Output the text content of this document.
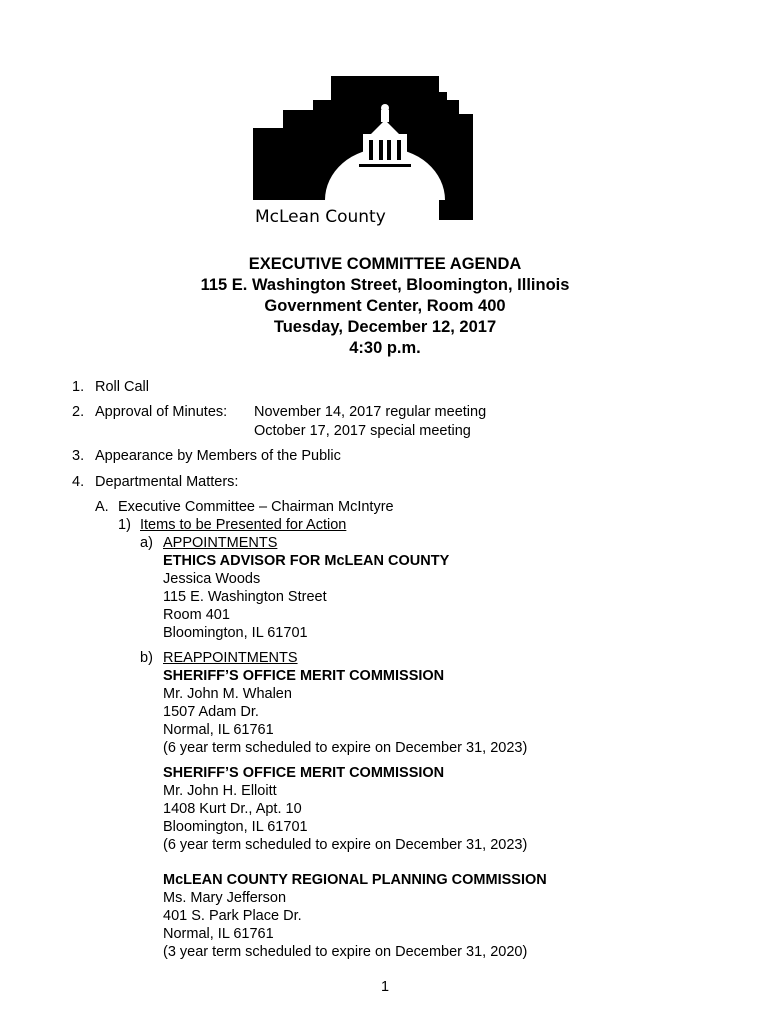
McLean County
EXECUTIVE COMMITTEE AGENDA
115 E. Washington Street, Bloomington, Illinois
Government Center, Room 400
Tuesday, December 12, 2017
4:30 p.m.
1. Roll Call
2. Approval of Minutes: November 14, 2017 regular meeting
October 17, 2017 special meeting
3. Appearance by Members of the Public
4. Departmental Matters:
A. Executive Committee – Chairman McIntyre
1) Items to be Presented for Action
a) APPOINTMENTS
ETHICS ADVISOR FOR McLEAN COUNTY
Jessica Woods
115 E. Washington Street
Room 401
Bloomington, IL 61701
b) REAPPOINTMENTS
SHERIFF’S OFFICE MERIT COMMISSION
Mr. John M. Whalen
1507 Adam Dr.
Normal, IL 61761
(6 year term scheduled to expire on December 31, 2023)
SHERIFF’S OFFICE MERIT COMMISSION
Mr. John H. Elloitt
1408 Kurt Dr., Apt. 10
Bloomington, IL 61701
(6 year term scheduled to expire on December 31, 2023)
McLEAN COUNTY REGIONAL PLANNING COMMISSION
Ms. Mary Jefferson
401 S. Park Place Dr.
Normal, IL 61761
(3 year term scheduled to expire on December 31, 2020)
1
